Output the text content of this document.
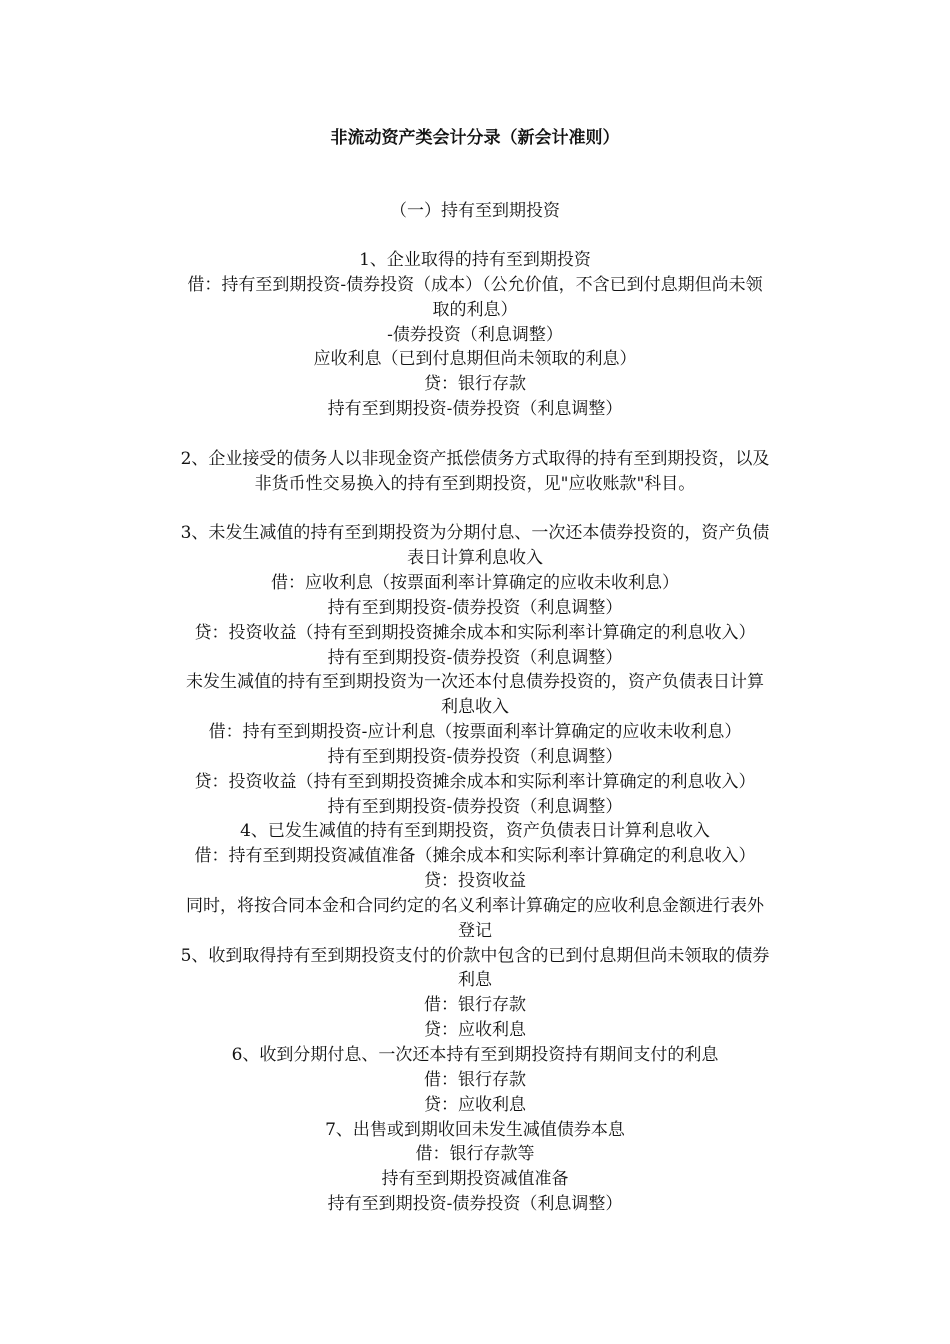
非流动资产类会计分录（新会计准则）

（一）持有至到期投资

1、企业取得的持有至到期投资
借：持有至到期投资-债券投资（成本）（公允价值，不含已到付息期但尚未领
取的利息）
-债券投资（利息调整）
应收利息（已到付息期但尚未领取的利息）
贷：银行存款
持有至到期投资-债券投资（利息调整）
2、企业接受的债务人以非现金资产抵偿债务方式取得的持有至到期投资，以及
非货币性交易换入的持有至到期投资，见"应收账款"科目。
3、未发生减值的持有至到期投资为分期付息、一次还本债券投资的，资产负债
表日计算利息收入
借：应收利息（按票面利率计算确定的应收未收利息）
持有至到期投资-债券投资（利息调整）
贷：投资收益（持有至到期投资摊余成本和实际利率计算确定的利息收入）
持有至到期投资-债券投资（利息调整）
未发生减值的持有至到期投资为一次还本付息债券投资的，资产负债表日计算
利息收入
借：持有至到期投资-应计利息（按票面利率计算确定的应收未收利息）
持有至到期投资-债券投资（利息调整）
贷：投资收益（持有至到期投资摊余成本和实际利率计算确定的利息收入）
持有至到期投资-债券投资（利息调整）
4、已发生减值的持有至到期投资，资产负债表日计算利息收入
借：持有至到期投资减值准备（摊余成本和实际利率计算确定的利息收入）
贷：投资收益
同时，将按合同本金和合同约定的名义利率计算确定的应收利息金额进行表外
登记
5、收到取得持有至到期投资支付的价款中包含的已到付息期但尚未领取的债券
利息
借：银行存款
贷：应收利息
6、收到分期付息、一次还本持有至到期投资持有期间支付的利息
借：银行存款
贷：应收利息
7、出售或到期收回未发生减值债券本息
借：银行存款等
持有至到期投资减值准备
持有至到期投资-债券投资（利息调整）
